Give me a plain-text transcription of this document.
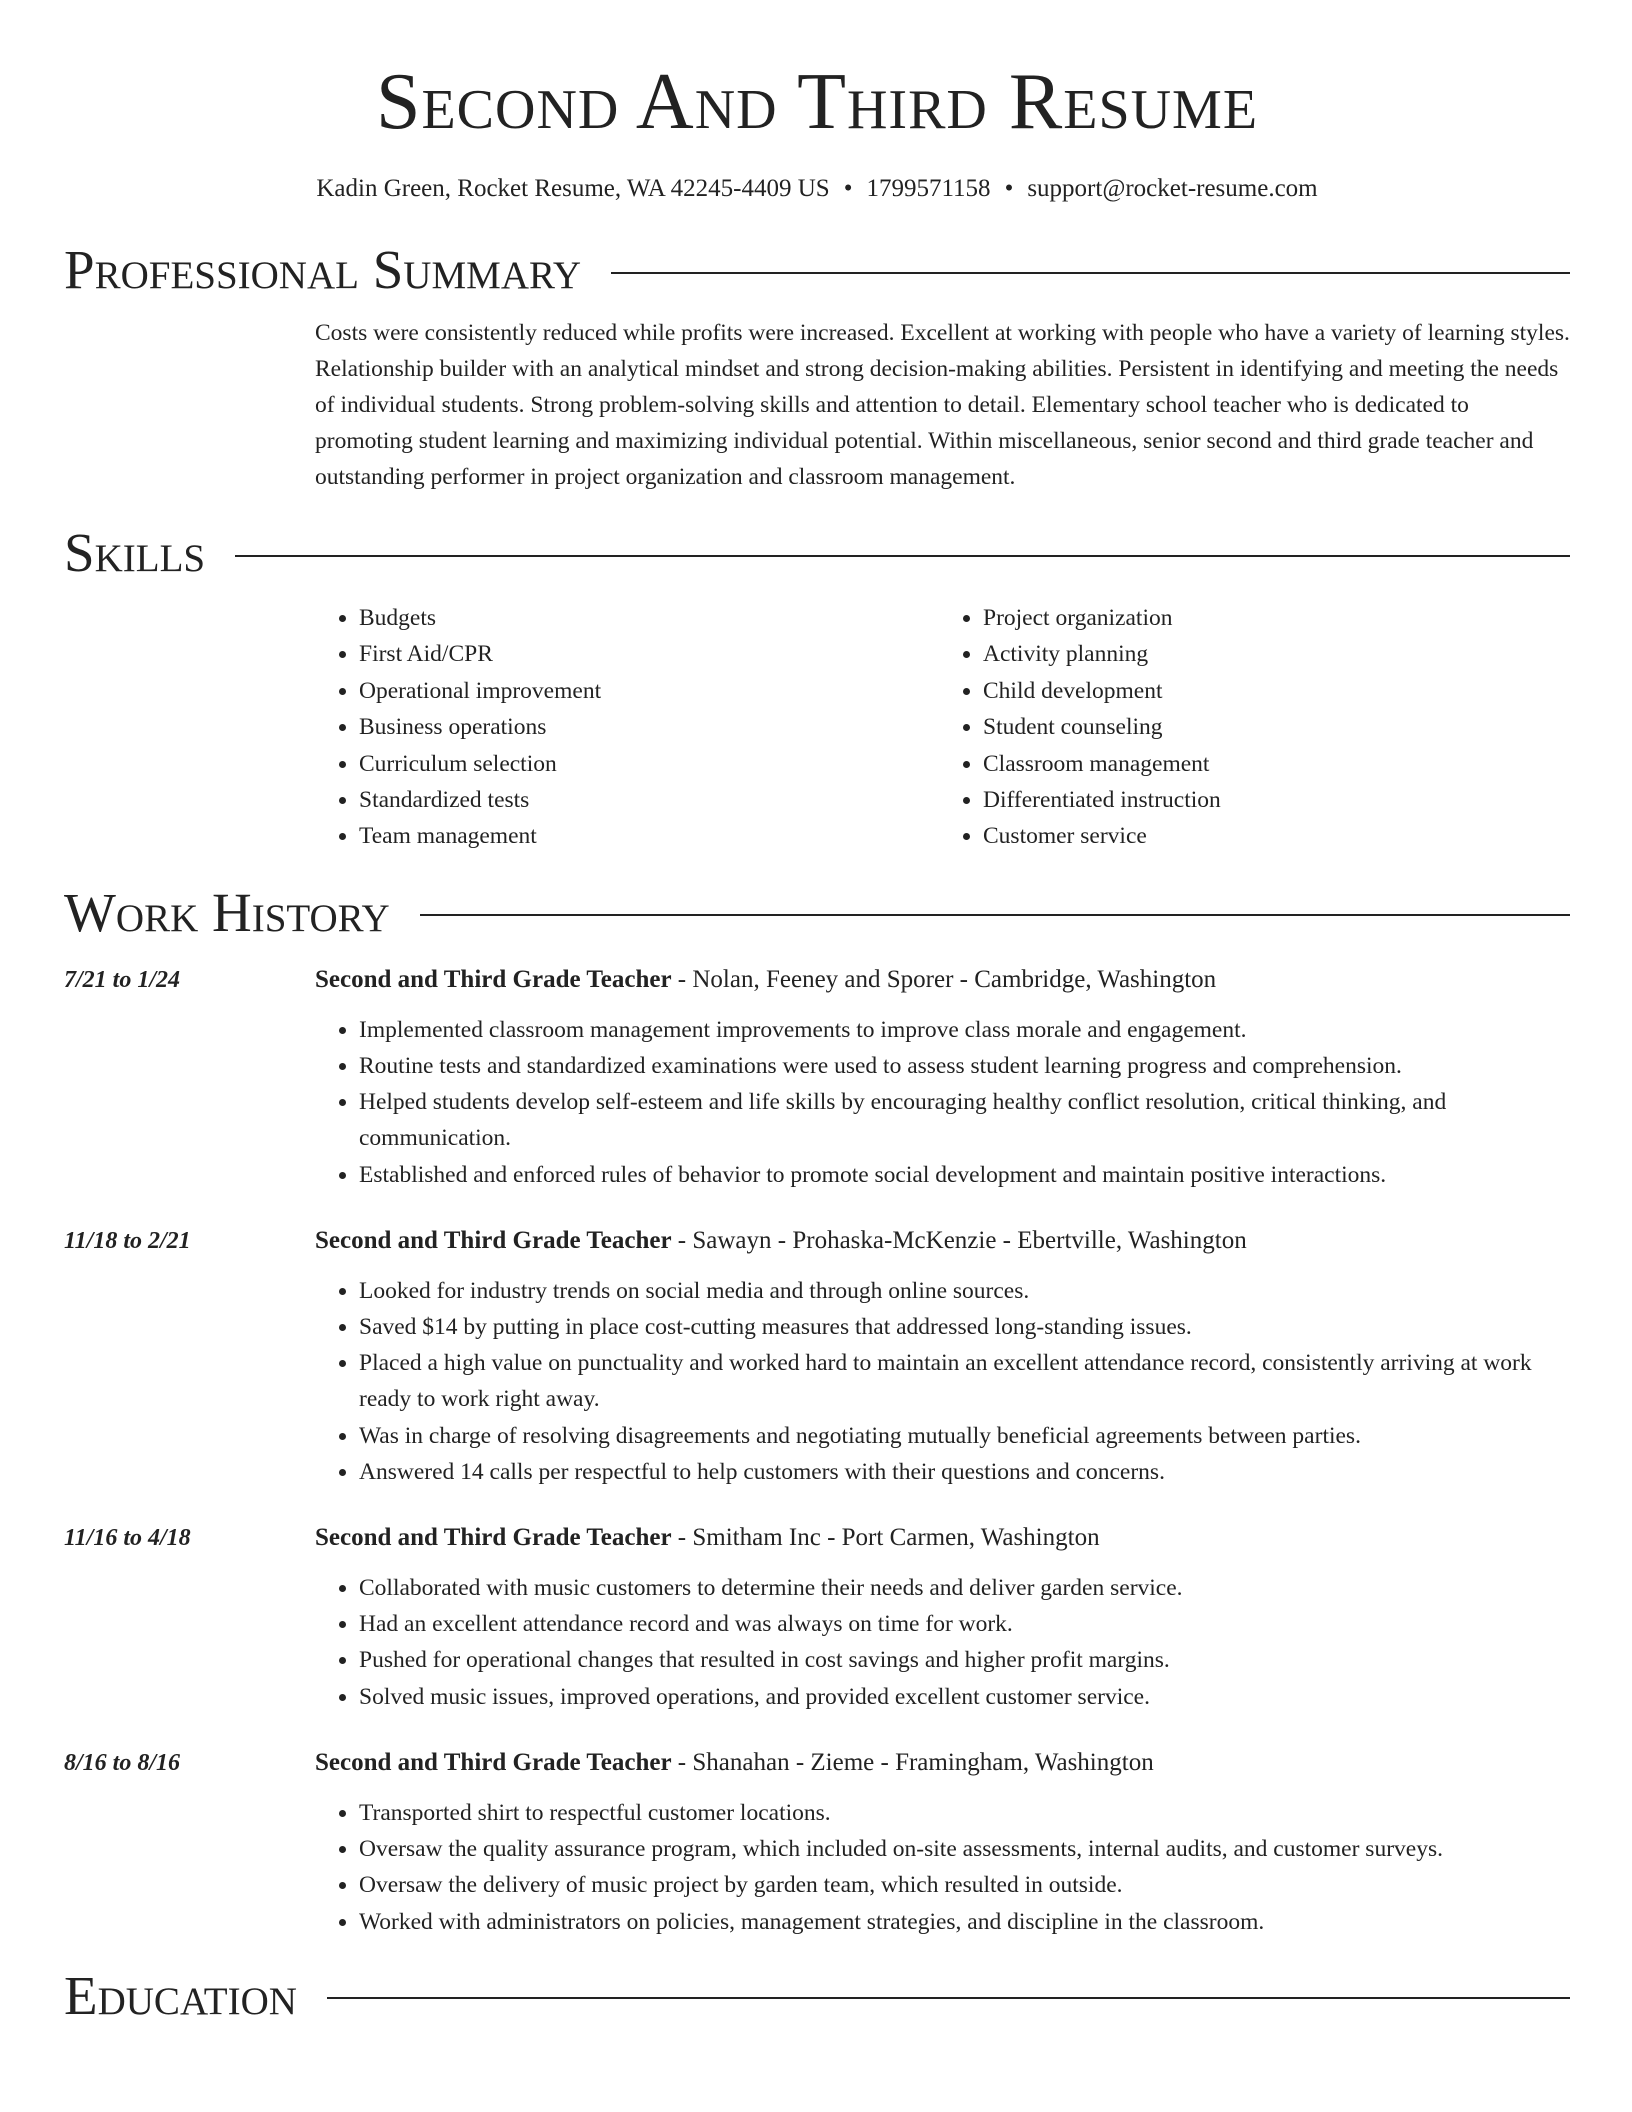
Second And Third Resume
Kadin Green, Rocket Resume, WA 42245-4409 US • 1799571158 • support@rocket-resume.com
Professional Summary
Costs were consistently reduced while profits were increased. Excellent at working with people who have a variety of learning styles. Relationship builder with an analytical mindset and strong decision-making abilities. Persistent in identifying and meeting the needs of individual students. Strong problem-solving skills and attention to detail. Elementary school teacher who is dedicated to promoting student learning and maximizing individual potential. Within miscellaneous, senior second and third grade teacher and outstanding performer in project organization and classroom management.
Skills
• Budgets
• First Aid/CPR
• Operational improvement
• Business operations
• Curriculum selection
• Standardized tests
• Team management
• Project organization
• Activity planning
• Child development
• Student counseling
• Classroom management
• Differentiated instruction
• Customer service
Work History
7/21 to 1/24	Second and Third Grade Teacher - Nolan, Feeney and Sporer - Cambridge, Washington
• Implemented classroom management improvements to improve class morale and engagement.
• Routine tests and standardized examinations were used to assess student learning progress and comprehension.
• Helped students develop self-esteem and life skills by encouraging healthy conflict resolution, critical thinking, and communication.
• Established and enforced rules of behavior to promote social development and maintain positive interactions.
11/18 to 2/21	Second and Third Grade Teacher - Sawayn - Prohaska-McKenzie - Ebertville, Washington
• Looked for industry trends on social media and through online sources.
• Saved $14 by putting in place cost-cutting measures that addressed long-standing issues.
• Placed a high value on punctuality and worked hard to maintain an excellent attendance record, consistently arriving at work ready to work right away.
• Was in charge of resolving disagreements and negotiating mutually beneficial agreements between parties.
• Answered 14 calls per respectful to help customers with their questions and concerns.
11/16 to 4/18	Second and Third Grade Teacher - Smitham Inc - Port Carmen, Washington
• Collaborated with music customers to determine their needs and deliver garden service.
• Had an excellent attendance record and was always on time for work.
• Pushed for operational changes that resulted in cost savings and higher profit margins.
• Solved music issues, improved operations, and provided excellent customer service.
8/16 to 8/16	Second and Third Grade Teacher - Shanahan - Zieme - Framingham, Washington
• Transported shirt to respectful customer locations.
• Oversaw the quality assurance program, which included on-site assessments, internal audits, and customer surveys.
• Oversaw the delivery of music project by garden team, which resulted in outside.
• Worked with administrators on policies, management strategies, and discipline in the classroom.
Education
